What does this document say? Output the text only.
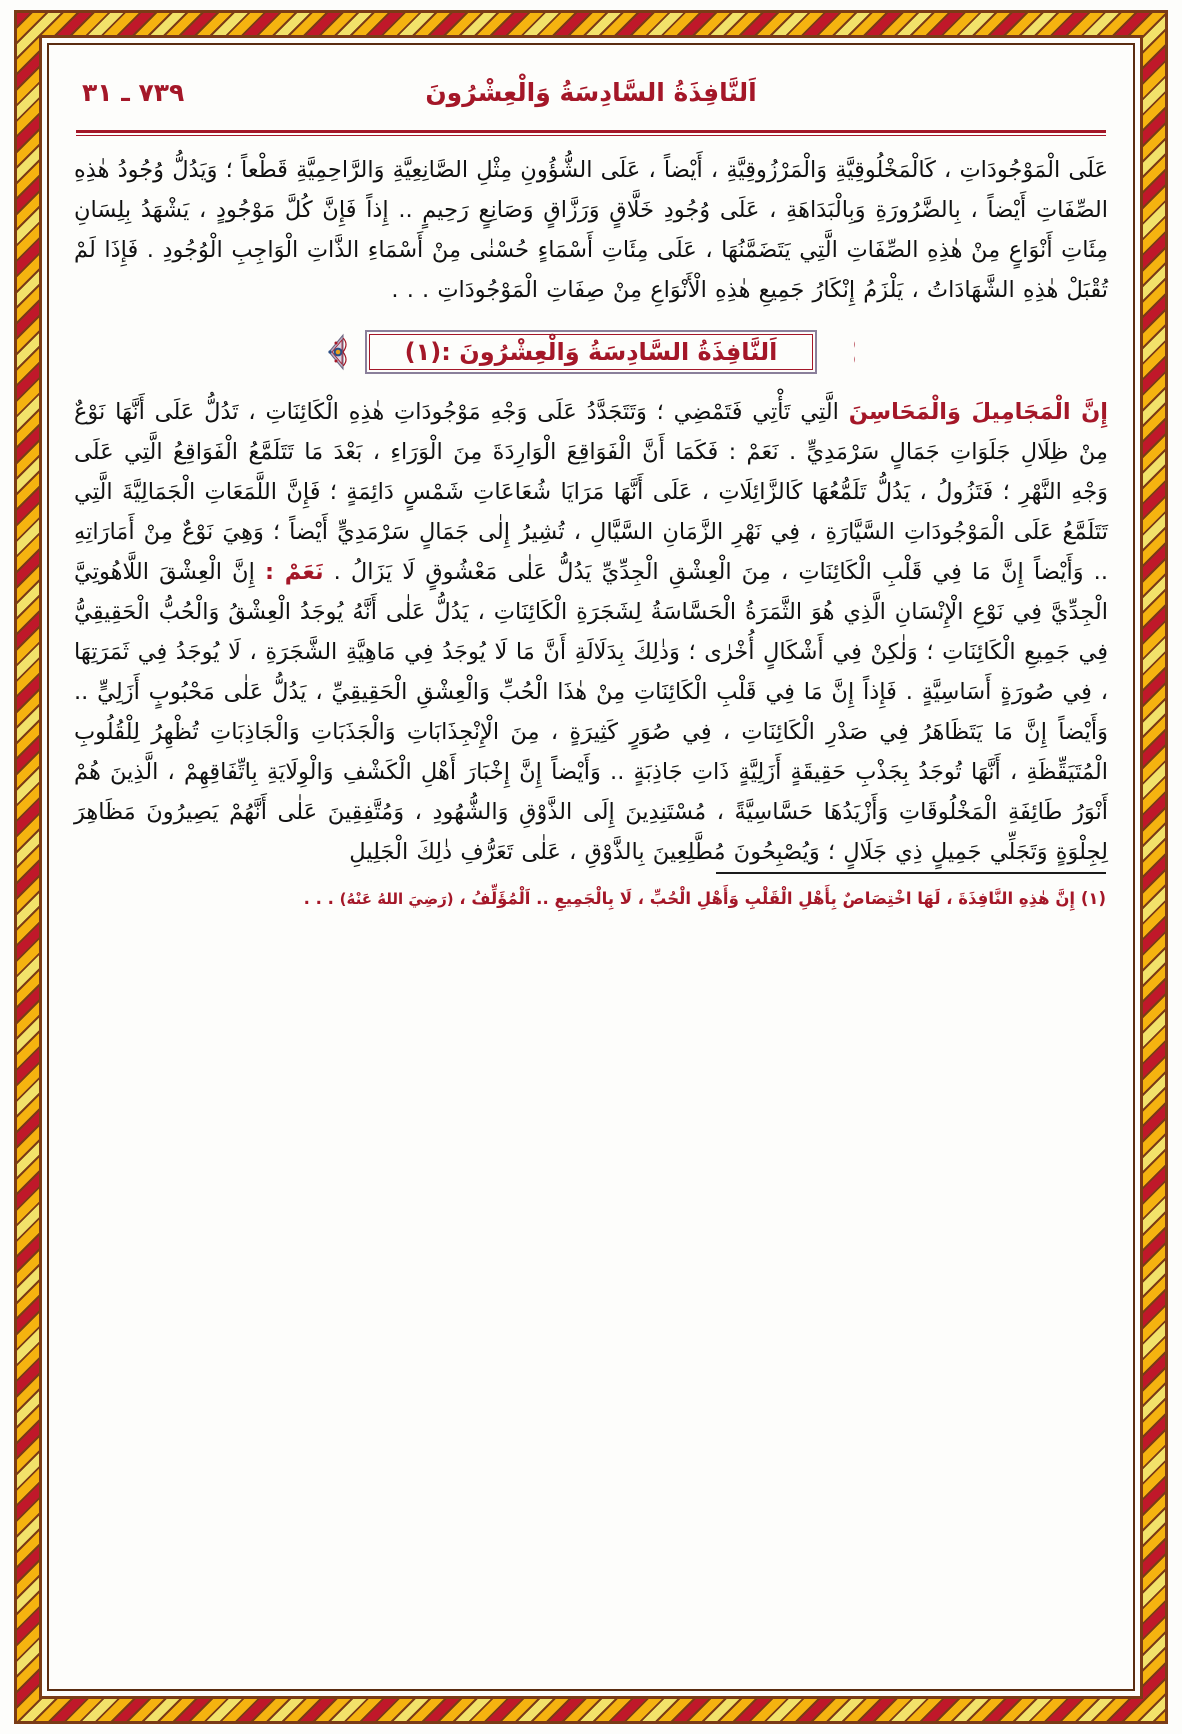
اَلنَّافِذَةُ السَّادِسَةُ وَالْعِشْرُونَ
٧٣٩ ـ ٣١
عَلَى الْمَوْجُودَاتِ ، كَالْمَخْلُوقِيَّةِ وَالْمَرْزُوقِيَّةِ ، أَيْضاً ، عَلَى الشُّؤُونِ مِثْلِ الصَّانِعِيَّةِ وَالرَّاحِمِيَّةِ قَطْعاً ؛ وَيَدُلُّ وُجُودُ هٰذِهِ الصِّفَاتِ أَيْضاً ، بِالضَّرُورَةِ وَبِالْبَدَاهَةِ ، عَلَى وُجُودِ خَلَّاقٍ وَرَزَّاقٍ وَصَانِعٍ رَحِيمٍ .. إِذاً فَإِنَّ كُلَّ مَوْجُودٍ ، يَشْهَدُ بِلِسَانِ مِئَاتِ أَنْوَاعٍ مِنْ هٰذِهِ الصِّفَاتِ الَّتِي يَتَضَمَّنُهَا ، عَلَى مِئَاتِ أَسْمَاءٍ حُسْنٰى مِنْ أَسْمَاءِ الذَّاتِ الْوَاجِبِ الْوُجُودِ . فَإِذَا لَمْ تُقْبَلْ هٰذِهِ الشَّهَادَاتُ ، يَلْزَمُ إِنْكَارُ جَمِيعِ هٰذِهِ الْأَنْوَاعِ مِنْ صِفَاتِ الْمَوْجُودَاتِ . . .
اَلنَّافِذَةُ السَّادِسَةُ وَالْعِشْرُونَ :(١)
إِنَّ الْمَجَامِيلَ وَالْمَحَاسِنَ الَّتِي تَأْتِي فَتَمْضِي ؛ وَتَتَجَدَّدُ عَلَى وَجْهِ مَوْجُودَاتِ هٰذِهِ الْكَائِنَاتِ ، تَدُلُّ عَلَى أَنَّهَا نَوْعٌ مِنْ ظِلَالِ جَلَوَاتِ جَمَالٍ سَرْمَدِيٍّ . نَعَمْ : فَكَمَا أَنَّ الْفَوَاقِعَ الْوَارِدَةَ مِنَ الْوَرَاءِ ، بَعْدَ مَا تَتَلَمَّعُ الْفَوَاقِعُ الَّتِي عَلَى وَجْهِ النَّهْرِ ؛ فَتَزُولُ ، يَدُلُّ تَلَمُّعُهَا كَالزَّائِلَاتِ ، عَلَى أَنَّهَا مَرَايَا شُعَاعَاتِ شَمْسٍ دَائِمَةٍ ؛ فَإِنَّ اللَّمَعَاتِ الْجَمَالِيَّةَ الَّتِي تَتَلَمَّعُ عَلَى الْمَوْجُودَاتِ السَّيَّارَةِ ، فِي نَهْرِ الزَّمَانِ السَّيَّالِ ، تُشِيرُ إِلٰى جَمَالٍ سَرْمَدِيٍّ أَيْضاً ؛ وَهِيَ نَوْعٌ مِنْ أَمَارَاتِهِ .. وَأَيْضاً إِنَّ مَا فِي قَلْبِ الْكَائِنَاتِ ، مِنَ الْعِشْقِ الْجِدِّيِّ يَدُلُّ عَلٰى مَعْشُوقٍ لَا يَزَالُ . نَعَمْ : إِنَّ الْعِشْقَ اللَّاهُوتِيَّ الْجِدِّيَّ فِي نَوْعِ الْإِنْسَانِ الَّذِي هُوَ الثَّمَرَةُ الْحَسَّاسَةُ لِشَجَرَةِ الْكَائِنَاتِ ، يَدُلُّ عَلٰى أَنَّهُ يُوجَدُ الْعِشْقُ وَالْحُبُّ الْحَقِيقِيُّ فِي جَمِيعِ الْكَائِنَاتِ ؛ وَلٰكِنْ فِي أَشْكَالٍ أُخْرٰى ؛ وَذٰلِكَ بِدَلَالَةِ أَنَّ مَا لَا يُوجَدُ فِي مَاهِيَّةِ الشَّجَرَةِ ، لَا يُوجَدُ فِي ثَمَرَتِهَا ، فِي صُورَةٍ أَسَاسِيَّةٍ . فَإِذاً إِنَّ مَا فِي قَلْبِ الْكَائِنَاتِ مِنْ هٰذَا الْحُبِّ وَالْعِشْقِ الْحَقِيقِيِّ ، يَدُلُّ عَلٰى مَحْبُوبٍ أَزَلِيٍّ .. وَأَيْضاً إِنَّ مَا يَتَظَاهَرُ فِي صَدْرِ الْكَائِنَاتِ ، فِي صُوَرٍ كَثِيرَةٍ ، مِنَ الْإِنْجِذَابَاتِ وَالْجَذَبَاتِ وَالْجَاذِبَاتِ تُظْهِرُ لِلْقُلُوبِ الْمُتَيَقِّظَةِ ، أَنَّهَا تُوجَدُ بِجَذْبِ حَقِيقَةٍ أَزَلِيَّةٍ ذَاتِ جَاذِبَةٍ .. وَأَيْضاً إِنَّ إِخْبَارَ أَهْلِ الْكَشْفِ وَالْوِلَايَةِ بِاتِّفَاقِهِمْ ، الَّذِينَ هُمْ أَنْوَرُ طَائِفَةِ الْمَخْلُوقَاتِ وَأَزْيَدُهَا حَسَّاسِيَّةً ، مُسْتَنِدِينَ إِلَى الذَّوْقِ وَالشُّهُودِ ، وَمُتَّفِقِينَ عَلٰى أَنَّهُمْ يَصِيرُونَ مَظَاهِرَ لِجِلْوَةٍ وَتَجَلِّي جَمِيلٍ ذِي جَلَالٍ ؛ وَيُصْبِحُونَ مُطَّلِعِينَ بِالذَّوْقِ ، عَلٰى تَعَرُّفِ ذٰلِكَ الْجَلِيلِ
(١) إِنَّ هٰذِهِ النَّافِذَةَ ، لَهَا اخْتِصَاصٌ بِأَهْلِ الْقَلْبِ وَأَهْلِ الْحُبِّ ، لَا بِالْجَمِيعِ .. اَلْمُؤَلِّفُ ، (رَضِيَ اللهُ عَنْهُ) . . .
